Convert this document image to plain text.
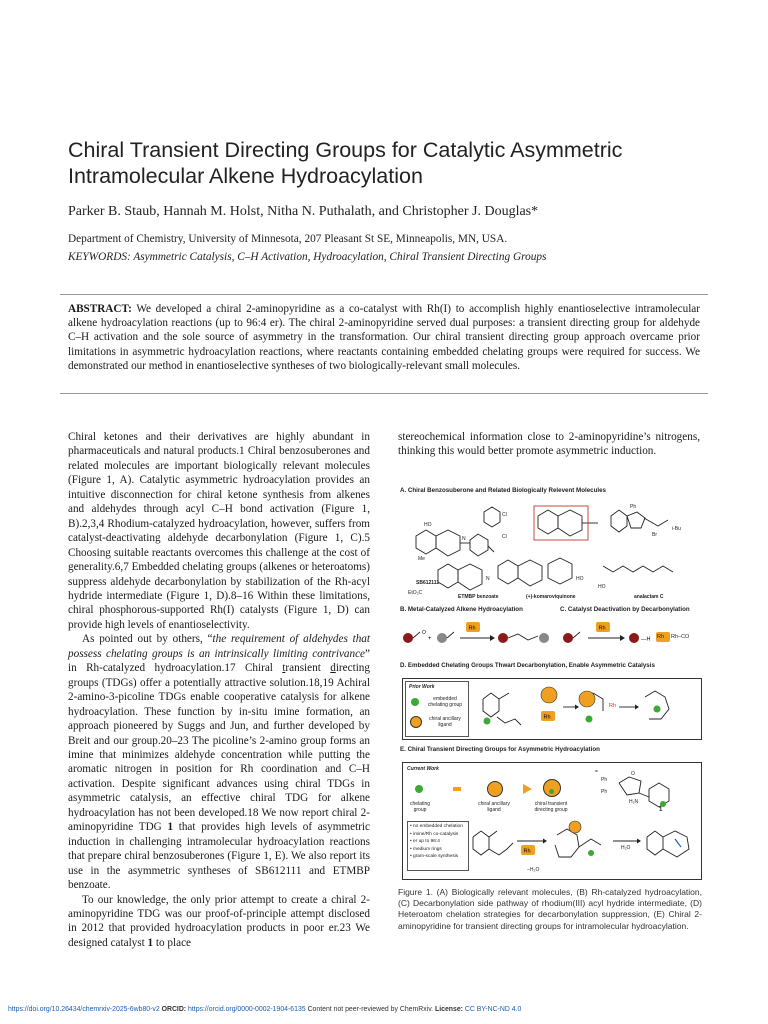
Chiral Transient Directing Groups for Catalytic Asymmetric Intramolecular Alkene Hydroacylation
Parker B. Staub, Hannah M. Holst, Nitha N. Puthalath, and Christopher J. Douglas*
Department of Chemistry, University of Minnesota, 207 Pleasant St SE, Minneapolis, MN, USA.
KEYWORDS: Asymmetric Catalysis, C–H Activation, Hydroacylation, Chiral Transient Directing Groups
ABSTRACT: We developed a chiral 2-aminopyridine as a co-catalyst with Rh(I) to accomplish highly enantioselective intramolecular alkene hydroacylation reactions (up to 96:4 er). The chiral 2-aminopyridine served dual purposes: a transient directing group for aldehyde C–H activation and the sole source of asymmetry in the transformation. Our chiral transient directing group approach overcame prior limitations in asymmetric hydroacylation reactions, where reactants containing embedded chelating groups were required for success. We demonstrated our method in enantioselective syntheses of two biologically-relevant small molecules.

Chiral ketones and their derivatives are highly abundant in pharmaceuticals and natural products.1 Chiral benzosuberones and related molecules are important biologically relevant molecules (Figure 1, A). Catalytic asymmetric hydroacylation provides an intuitive disconnection for chiral ketone synthesis from alkenes and aldehydes through acyl C–H bond activation (Figure 1, B).2,3,4 Rhodium-catalyzed hydroacylation, however, suffers from catalyst-deactivating aldehyde decarbonylation (Figure 1, C).5 Choosing suitable reactants overcomes this challenge at the cost of generality.6,7 Embedded chelating groups (alkenes or heteroatoms) suppress aldehyde decarbonylation by stabilization of the Rh-acyl hydride intermediate (Figure 1, D).8–16 Within these limitations, chiral phosphorous-supported Rh(I) catalysts (Figure 1, D) can provide high levels of enantioselectivity.

As pointed out by others, “the requirement of aldehydes that possess chelating groups is an intrinsically limiting contrivance” in Rh-catalyzed hydroacylation.17 Chiral transient directing groups (TDGs) offer a potentially attractive solution.18,19 Achiral 2-amino-3-picoline TDGs enable cooperative catalysis for alkene hydroacylation. These function by in-situ imine formation, an approach pioneered by Suggs and Jun, and further developed by Breit and our group.20–23 The picoline’s 2-amino group forms an imine that minimizes aldehyde concentration while putting the aromatic nitrogen in position for Rh coordination and C–H activation. Despite significant advances using chiral TDGs in asymmetric catalysis, an effective chiral TDG for alkene hydroacylation has not been developed.18 We now report chiral 2-aminopyridine TDG 1 that provides high levels of asymmetric induction in challenging intramolecular hydroacylation reactions that prepare chiral benzosuberones (Figure 1, E). We also report its use in the asymmetric syntheses of SB612111 and ETMBP benzoate.

To our knowledge, the only prior attempt to create a chiral 2-aminopyridine TDG was our proof-of-principle attempt disclosed in 2012 that provided hydroacylation products in poor er.23 We designed catalyst 1 to place

stereochemical information close to 2-aminopyridine’s nitrogens, thinking this would better promote asymmetric induction.
A. Chiral Benzosuberone and Related Biologically Relevent Molecules
HO
N
Cl
Cl
Me
EtO₂C
N	HO
Ph
Br
i-Bu
HO
SB612111
ETMBP benzoate	(+)-komaroviquinone	anaIactam C
B. Metal-Catalyzed Alkene Hydroacylation	C. Catalyst Deactivation by Decarbonylation
O
+
Rh	Rh
—H Rh Rh–CO
D. Embedded Chelating Groups Thwart Decarbonylation, Enable Asymmetric Catalysis
Prior Work
embedded chelating group
chiral ancillary ligand
Rh
Rh
E. Chiral Transient Directing Groups for Asymmetric Hydroacylation
Current Work
chelating group
chiral ancillary ligand
chiral transient directing group
=
Ph
Ph
O
H₂N
1
• no embedded chelation
• imine/Rh co-catalysis
• er up to 96:4
• medium rings
• gram-scale synthesis
Rh
−H₂O
H₂O
Figure 1. (A) Biologically relevant molecules, (B) Rh-catalyzed hydroacylation, (C) Decarbonylation side pathway of rhodium(III) acyl hydride intermediate, (D) Heteroatom chelation strategies for decarbonylation suppression, (E) Chiral 2-aminopyridine for transient directing groups for intramolecular hydroacylation.
https://doi.org/10.26434/chemrxiv-2025-6wb80-v2 ORCID: https://orcid.org/0000-0002-1904-6135 Content not peer-reviewed by ChemRxiv. License: CC BY-NC-ND 4.0
